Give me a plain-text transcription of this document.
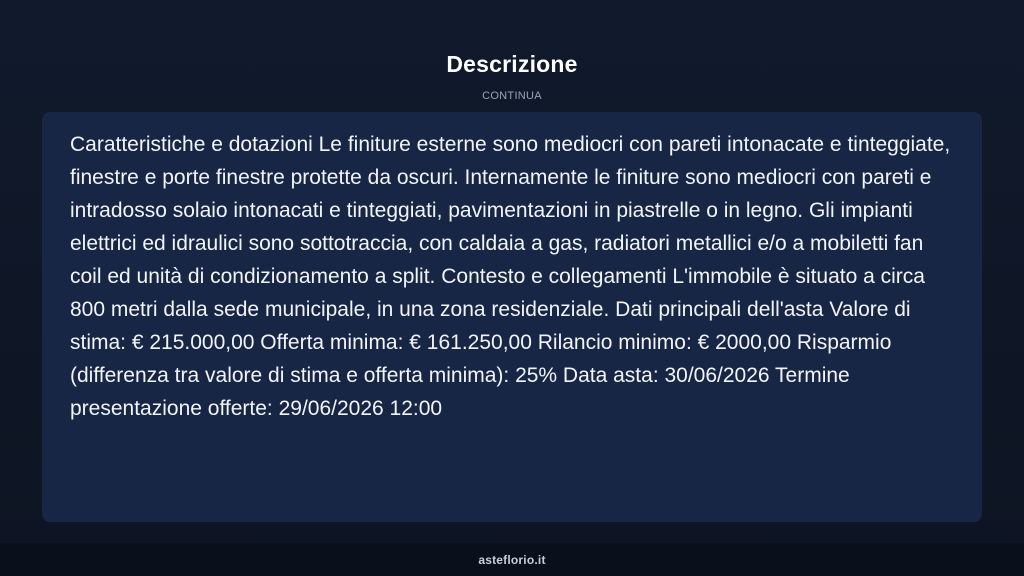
Descrizione
CONTINUA

Caratteristiche e dotazioni Le finiture esterne sono mediocri con pareti intonacate e tinteggiate, finestre e porte finestre protette da oscuri. Internamente le finiture sono mediocri con pareti e intradosso solaio intonacati e tinteggiati, pavimentazioni in piastrelle o in legno. Gli impianti elettrici ed idraulici sono sottotraccia, con caldaia a gas, radiatori metallici e/o a mobiletti fan coil ed unità di condizionamento a split. Contesto e collegamenti L'immobile è situato a circa 800 metri dalla sede municipale, in una zona residenziale. Dati principali dell'asta Valore di stima: € 215.000,00 Offerta minima: € 161.250,00 Rilancio minimo: € 2000,00 Risparmio (differenza tra valore di stima e offerta minima): 25% Data asta: 30/06/2026 Termine presentazione offerte: 29/06/2026 12:00

asteflorio.it
